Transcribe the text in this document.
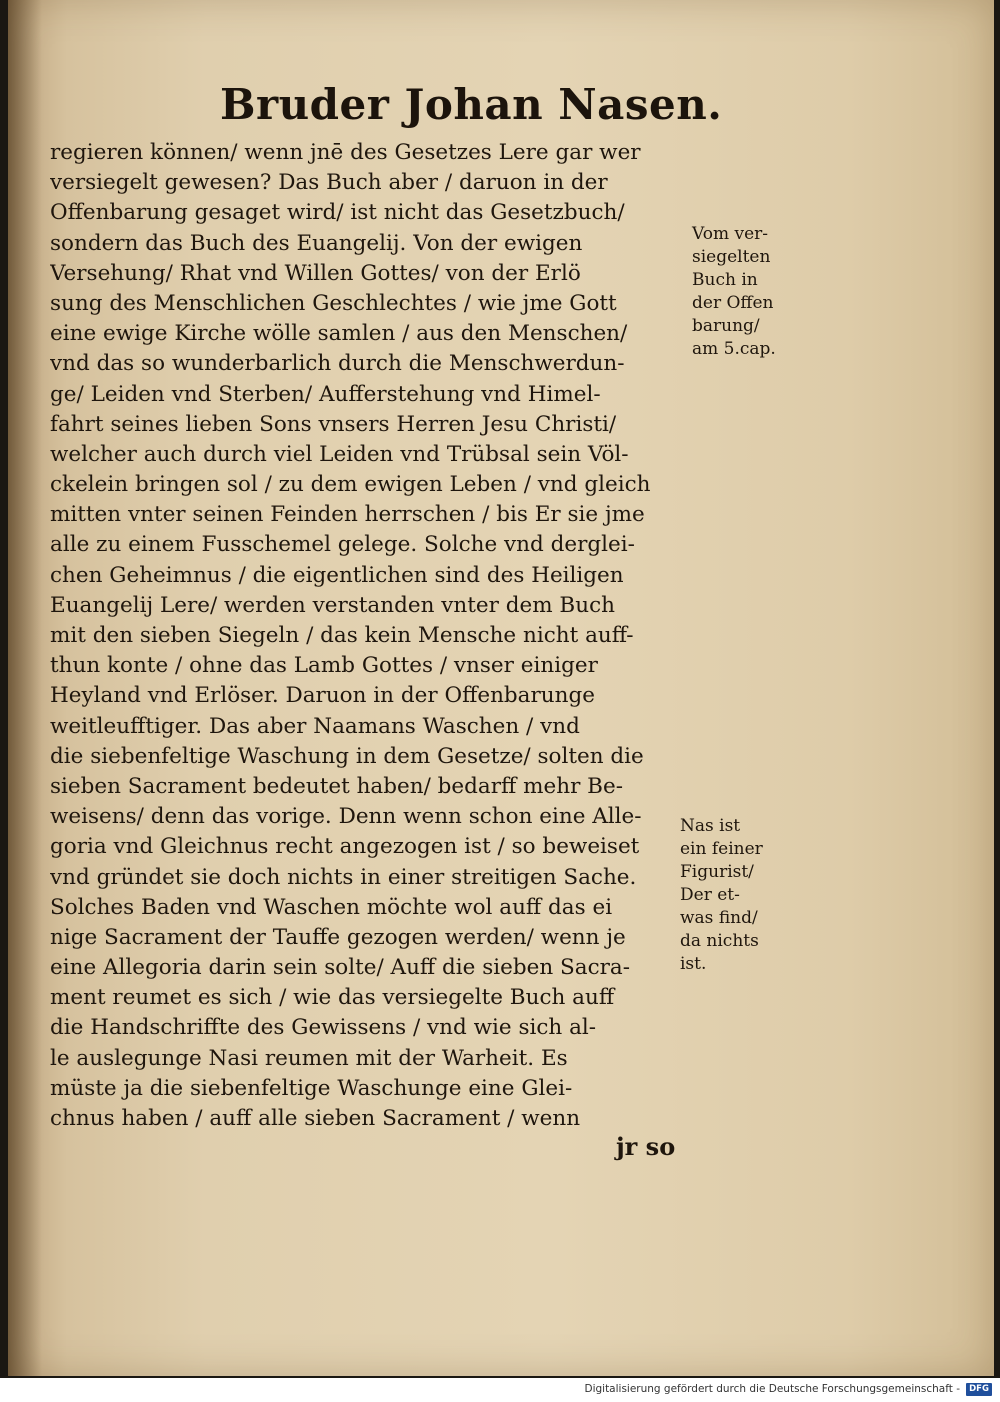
Bruder Johan Nasen.
regieren können/ wenn jnē des Gesetzes Lere gar wer
versiegelt gewesen? Das Buch aber / daruon in der
Offenbarung gesaget wird/ ist nicht das Gesetzbuch/
sondern das Buch des Euangelij. Von der ewigen
Versehung/ Rhat vnd Willen Gottes/ von der Erlö
sung des Menschlichen Geschlechtes / wie jme Gott
eine ewige Kirche wölle samlen / aus den Menschen/
vnd das so wunderbarlich durch die Menschwerdun-
ge/ Leiden vnd Sterben/ Aufferstehung vnd Himel-
fahrt seines lieben Sons vnsers Herren Jesu Christi/
welcher auch durch viel Leiden vnd Trübsal sein Völ-
ckelein bringen sol / zu dem ewigen Leben / vnd gleich
mitten vnter seinen Feinden herrschen / bis Er sie jme
alle zu einem Fusschemel gelege. Solche vnd derglei-
chen Geheimnus / die eigentlichen sind des Heiligen
Euangelij Lere/ werden verstanden vnter dem Buch
mit den sieben Siegeln / das kein Mensche nicht auff-
thun konte / ohne das Lamb Gottes / vnser einiger
Heyland vnd Erlöser. Daruon in der Offenbarunge
weitleufftiger. Das aber Naamans Waschen / vnd
die siebenfeltige Waschung in dem Gesetze/ solten die
sieben Sacrament bedeutet haben/ bedarff mehr Be-
weisens/ denn das vorige. Denn wenn schon eine Alle-
goria vnd Gleichnus recht angezogen ist / so beweiset
vnd gründet sie doch nichts in einer streitigen Sache.
Solches Baden vnd Waschen möchte wol auff das ei
nige Sacrament der Tauffe gezogen werden/ wenn je
eine Allegoria darin sein solte/ Auff die sieben Sacra-
ment reumet es sich / wie das versiegelte Buch auff
die Handschriffte des Gewissens / vnd wie sich al-
le auslegunge Nasi reumen mit der Warheit. Es
müste ja die siebenfeltige Waschunge eine Glei-
chnus haben / auff alle sieben Sacrament / wenn
Vom ver-
siegelten
Buch in
der Offen
barung/
am 5.cap.
Nas ist
ein feiner
Figurist/
Der et-
was find/
da nichts
ist.
jr so
Digitalisierung gefördert durch die Deutsche Forschungsgemeinschaft -	DFG
